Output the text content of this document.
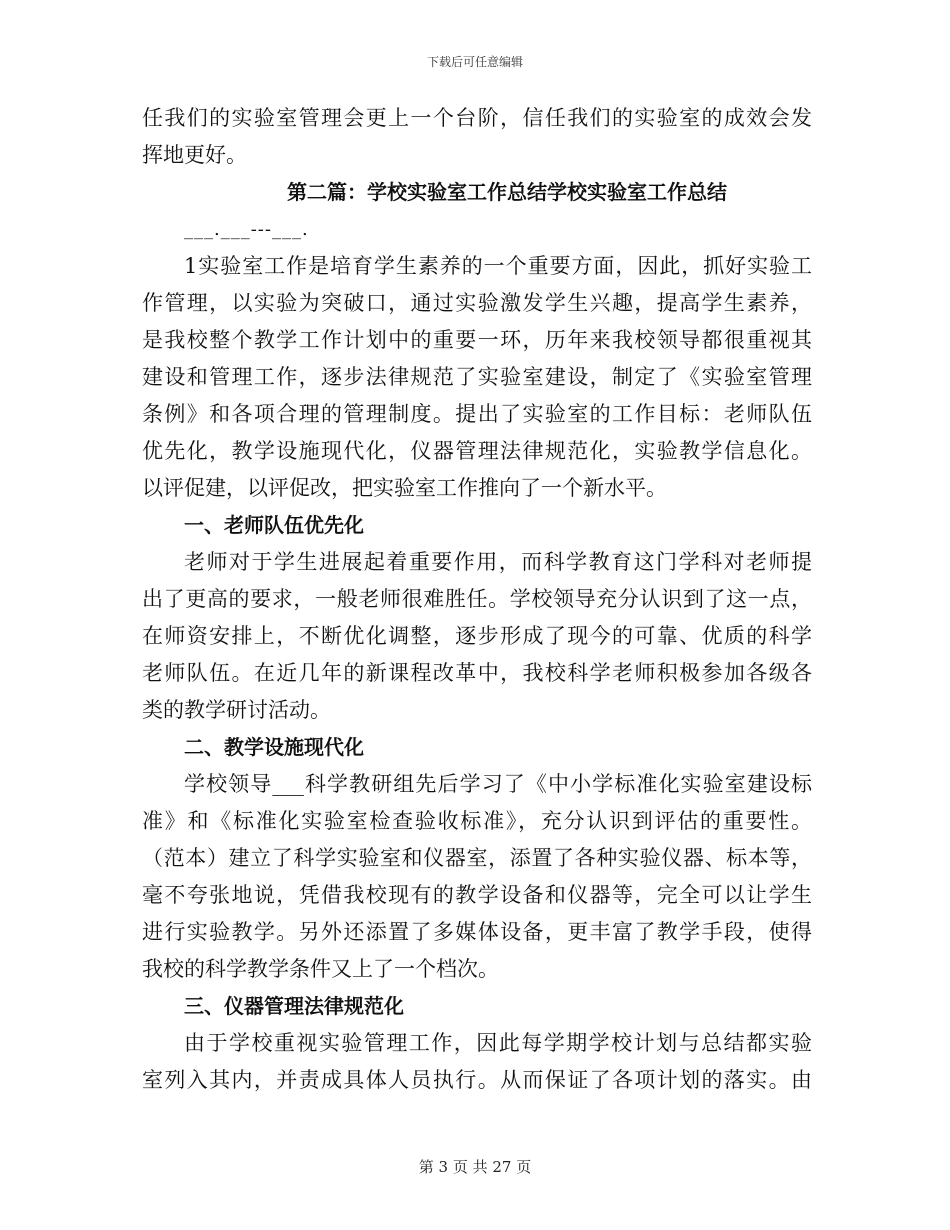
下载后可任意编辑
任我们的实验室管理会更上一个台阶，信任我们的实验室的成效会发
挥地更好。
第二篇：学校实验室工作总结学校实验室工作总结
___.___---___.
1实验室工作是培育学生素养的一个重要方面，因此，抓好实验工
作管理，以实验为突破口，通过实验激发学生兴趣，提高学生素养，
是我校整个教学工作计划中的重要一环，历年来我校领导都很重视其
建设和管理工作，逐步法律规范了实验室建设，制定了《实验室管理
条例》和各项合理的管理制度。提出了实验室的工作目标：老师队伍
优先化，教学设施现代化，仪器管理法律规范化，实验教学信息化。
以评促建，以评促改，把实验室工作推向了一个新水平。
一、老师队伍优先化
老师对于学生进展起着重要作用，而科学教育这门学科对老师提
出了更高的要求，一般老师很难胜任。学校领导充分认识到了这一点，
在师资安排上，不断优化调整，逐步形成了现今的可靠、优质的科学
老师队伍。在近几年的新课程改革中，我校科学老师积极参加各级各
类的教学研讨活动。
二、教学设施现代化
学校领导___科学教研组先后学习了《中小学标准化实验室建设标
准》和《标准化实验室检查验收标准》，充分认识到评估的重要性。
（范本）建立了科学实验室和仪器室，添置了各种实验仪器、标本等，
毫不夸张地说，凭借我校现有的教学设备和仪器等，完全可以让学生
进行实验教学。另外还添置了多媒体设备，更丰富了教学手段，使得
我校的科学教学条件又上了一个档次。
三、仪器管理法律规范化
由于学校重视实验管理工作，因此每学期学校计划与总结都实验
室列入其内，并责成具体人员执行。从而保证了各项计划的落实。由
第 3 页 共 27 页
